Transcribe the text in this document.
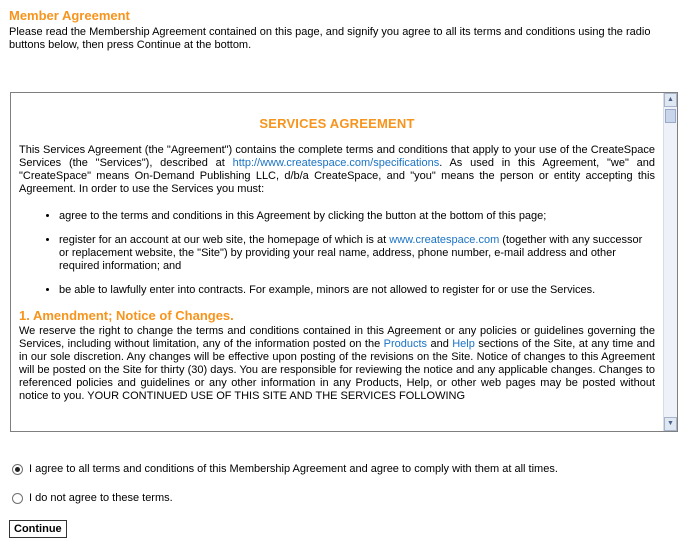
Member Agreement
Please read the Membership Agreement contained on this page, and signify you agree to all its terms and conditions using the radio buttons below, then press Continue at the bottom.
SERVICES AGREEMENT

This Services Agreement (the "Agreement") contains the complete terms and conditions that apply to your use of the CreateSpace Services (the "Services"), described at http://www.createspace.com/specifications. As used in this Agreement, "we" and "CreateSpace" means On-Demand Publishing LLC, d/b/a CreateSpace, and "you" means the person or entity accepting this Agreement. In order to use the Services you must:

• agree to the terms and conditions in this Agreement by clicking the button at the bottom of this page;
• register for an account at our web site, the homepage of which is at www.createspace.com (together with any successor or replacement website, the "Site") by providing your real name, address, phone number, e-mail address and other required information; and
• be able to lawfully enter into contracts. For example, minors are not allowed to register for or use the Services.
1. Amendment; Notice of Changes.

We reserve the right to change the terms and conditions contained in this Agreement or any policies or guidelines governing the Services, including without limitation, any of the information posted on the Products and Help sections of the Site, at any time and in our sole discretion. Any changes will be effective upon posting of the revisions on the Site. Notice of changes to this Agreement will be posted on the Site for thirty (30) days. You are responsible for reviewing the notice and any applicable changes. Changes to referenced policies and guidelines or any other information in any Products, Help, or other web pages may be posted without notice to you. YOUR CONTINUED USE OF THIS SITE AND THE SERVICES FOLLOWING

▲
▼
I agree to all terms and conditions of this Membership Agreement and agree to comply with them at all times.
I do not agree to these terms.
Continue
